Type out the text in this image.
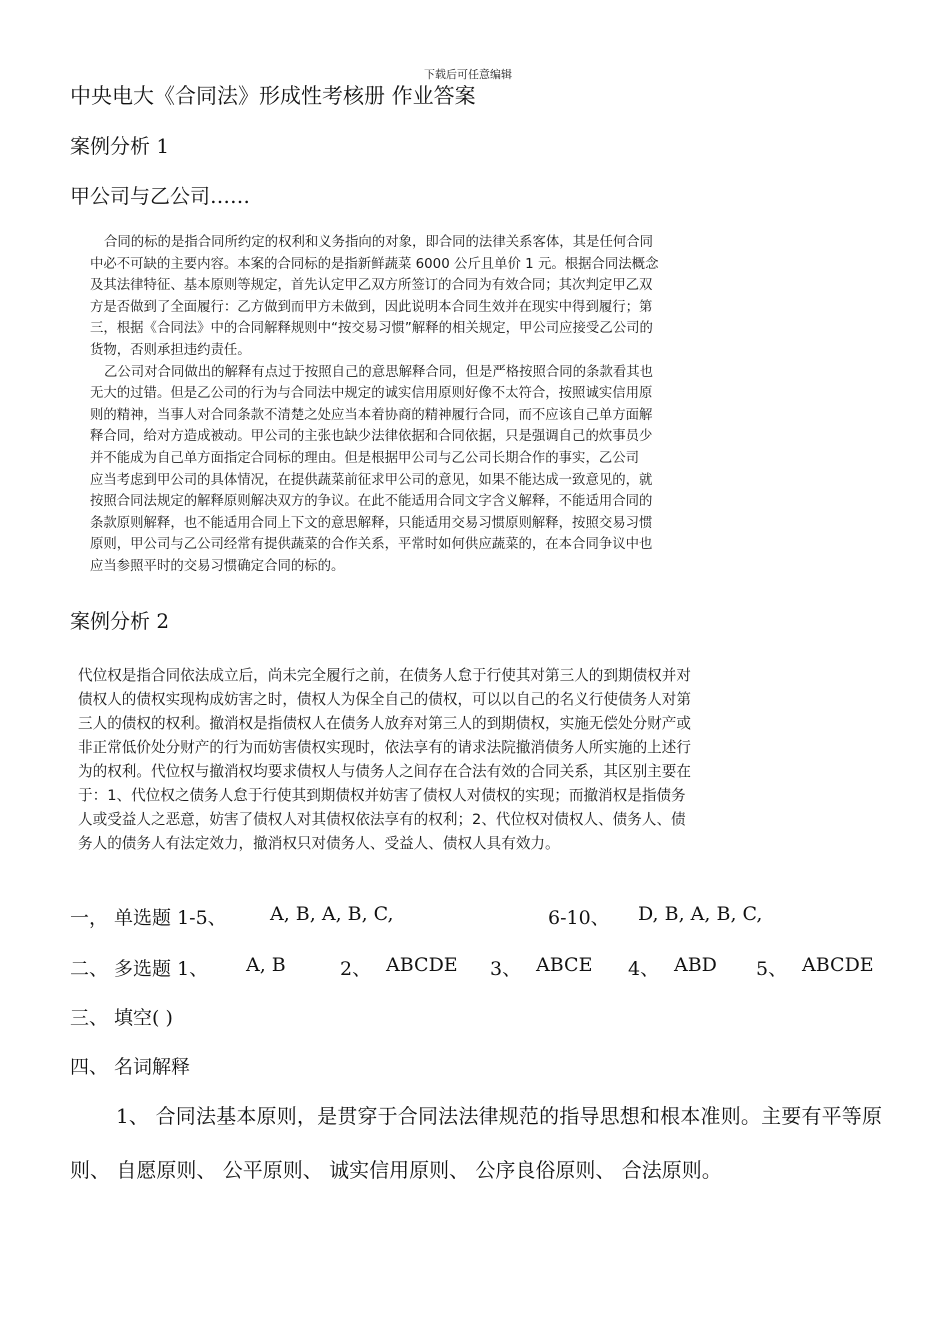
下载后可任意编辑
中央电大《合同法》形成性考核册 作业答案
案例分析 1
甲公司与乙公司……
合同的标的是指合同所约定的权利和义务指向的对象，即合同的法律关系客体，其是任何合同
中必不可缺的主要内容。本案的合同标的是指新鲜蔬菜 6000 公斤且单价 1 元。根据合同法概念
及其法律特征、基本原则等规定，首先认定甲乙双方所签订的合同为有效合同；其次判定甲乙双
方是否做到了全面履行：乙方做到而甲方未做到，因此说明本合同生效并在现实中得到履行；第
三，根据《合同法》中的合同解释规则中“按交易习惯”解释的相关规定，甲公司应接受乙公司的
货物，否则承担违约责任。
乙公司对合同做出的解释有点过于按照自己的意思解释合同，但是严格按照合同的条款看其也
无大的过错。但是乙公司的行为与合同法中规定的诚实信用原则好像不太符合，按照诚实信用原
则的精神，当事人对合同条款不清楚之处应当本着协商的精神履行合同，而不应该自己单方面解
释合同，给对方造成被动。甲公司的主张也缺少法律依据和合同依据，只是强调自己的炊事员少
并不能成为自己单方面指定合同标的理由。但是根据甲公司与乙公司长期合作的事实，乙公司
应当考虑到甲公司的具体情况，在提供蔬菜前征求甲公司的意见，如果不能达成一致意见的，就
按照合同法规定的解释原则解决双方的争议。在此不能适用合同文字含义解释，不能适用合同的
条款原则解释，也不能适用合同上下文的意思解释，只能适用交易习惯原则解释，按照交易习惯
原则，甲公司与乙公司经常有提供蔬菜的合作关系，平常时如何供应蔬菜的，在本合同争议中也
应当参照平时的交易习惯确定合同的标的。
案例分析 2
代位权是指合同依法成立后，尚未完全履行之前，在债务人怠于行使其对第三人的到期债权并对
债权人的债权实现构成妨害之时，债权人为保全自己的债权，可以以自己的名义行使债务人对第
三人的债权的权利。撤消权是指债权人在债务人放弃对第三人的到期债权，实施无偿处分财产或
非正常低价处分财产的行为而妨害债权实现时，依法享有的请求法院撤消债务人所实施的上述行
为的权利。代位权与撤消权均要求债权人与债务人之间存在合法有效的合同关系，其区别主要在
于：1、代位权之债务人怠于行使其到期债权并妨害了债权人对债权的实现；而撤消权是指债务
人或受益人之恶意，妨害了债权人对其债权依法享有的权利；2、代位权对债权人、债务人、债
务人的债务人有法定效力，撤消权只对债务人、受益人、债权人具有效力。
一， 单选题 1-5、 A, B, A, B, C,	6-10、 D, B, A, B, C,
二、 多选题 1、 A, B	2、 ABCDE 3、 ABCE 4、 ABD 5、 ABCDE
三、 填空( )
四、 名词解释
1、 合同法基本原则，是贯穿于合同法法律规范的指导思想和根本准则。主要有平等原则、 自愿原则、 公平原则、 诚实信用原则、 公序良俗原则、 合法原则。
